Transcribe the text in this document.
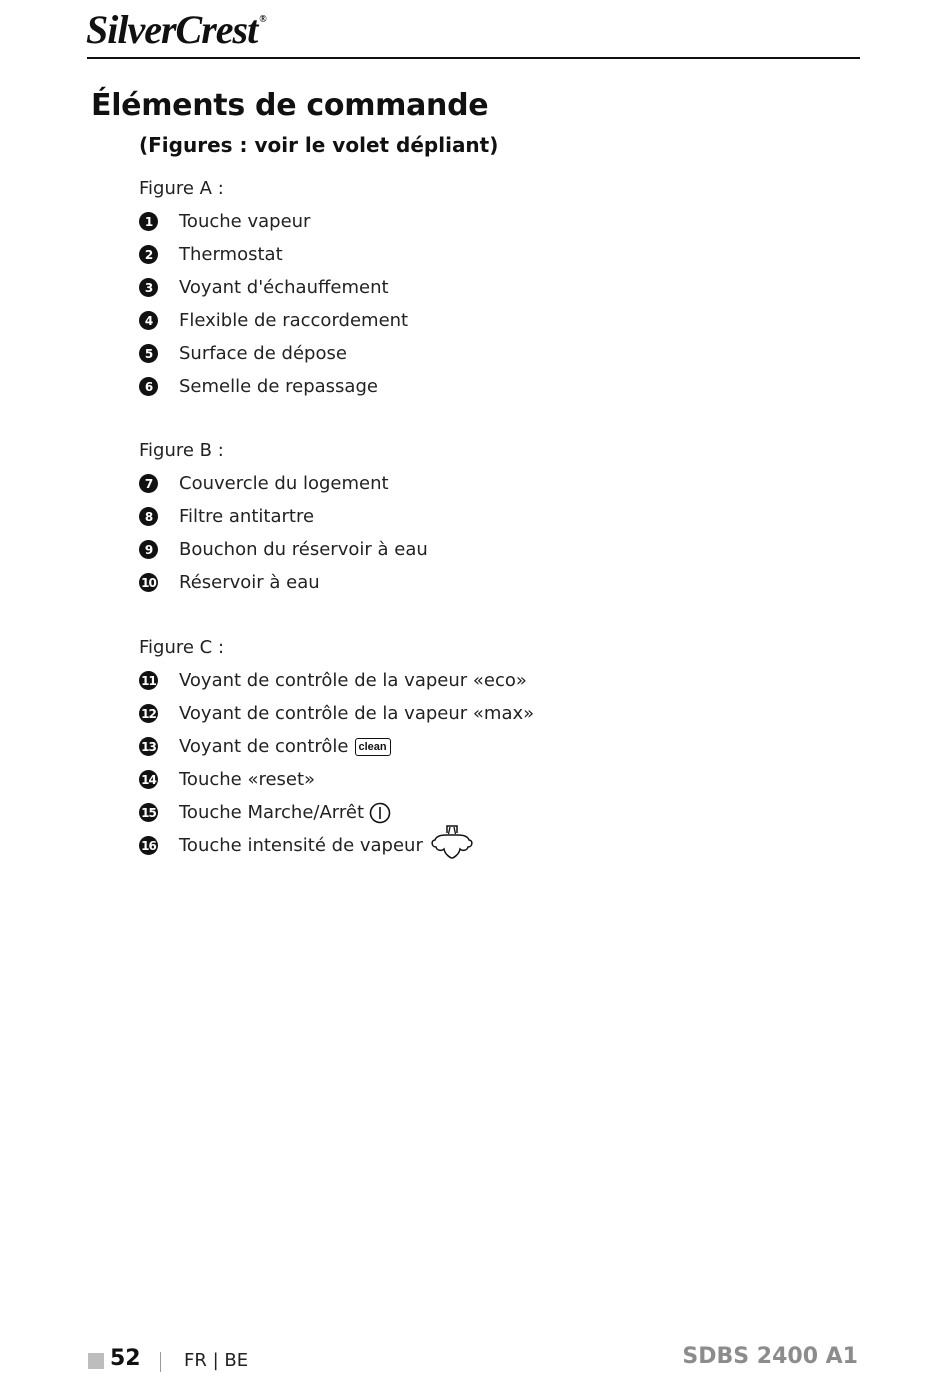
SilverCrest ®
Éléments de commande
(Figures : voir le volet dépliant)
Figure A :
1	Touche vapeur
2	Thermostat
3	Voyant d'échauffement
4	Flexible de raccordement
5	Surface de dépose
6	Semelle de repassage
Figure B :
7	Couvercle du logement
8	Filtre antitartre
9	Bouchon du réservoir à eau
10 Réservoir à eau
Figure C :
11 Voyant de contrôle de la vapeur «eco»
12 Voyant de contrôle de la vapeur «max»
13 Voyant de contrôle clean
14 Touche «reset»
15 Touche Marche/Arrêt
16 Touche intensité de vapeur
52 FR | BE	SDBS 2400 A1
